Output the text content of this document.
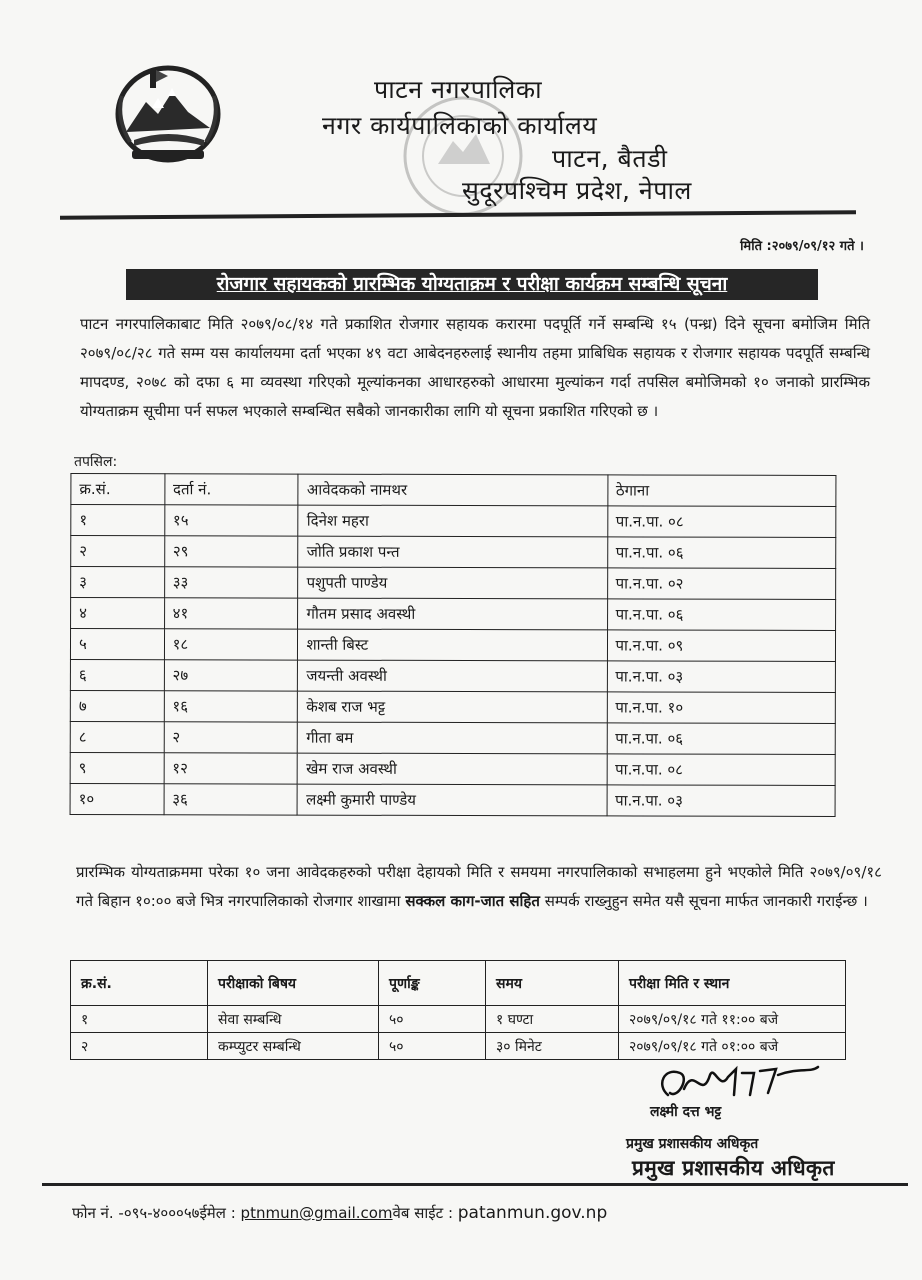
पाटन नगरपालिका
नगर कार्यपालिकाको कार्यालय
पाटन, बैतडी
सुदूरपश्चिम प्रदेश, नेपाल
मिति :२०७९/०९/१२ गते ।
रोजगार सहायकको प्रारम्भिक योग्यताक्रम र परीक्षा कार्यक्रम सम्बन्धि सूचना
पाटन नगरपालिकाबाट मिति २०७९/०८/१४ गते प्रकाशित रोजगार सहायक करारमा पदपूर्ति गर्ने सम्बन्धि १५ (पन्ध्र) दिने सूचना बमोजिम मिति २०७९/०८/२८ गते सम्म यस कार्यालयमा दर्ता भएका ४९ वटा आबेदनहरुलाई स्थानीय तहमा प्राबिधिक सहायक र रोजगार सहायक पदपूर्ति सम्बन्धि मापदण्ड, २०७८ को दफा ६ मा व्यवस्था गरिएको मूल्यांकनका आधारहरुको आधारमा मुल्यांकन गर्दा तपसिल बमोजिमको १० जनाको प्रारम्भिक योग्यताक्रम सूचीमा पर्न सफल भएकाले सम्बन्धित सबैको जानकारीका लागि यो सूचना प्रकाशित गरिएको छ ।
तपसिल:
क्र.सं.	दर्ता नं.	आवेदकको नामथर	ठेगाना
१	१५	दिनेश महरा	पा.न.पा. ०८
२	२९	जोति प्रकाश पन्त	पा.न.पा. ०६
३	३३	पशुपती पाण्डेय	पा.न.पा. ०२
४	४१	गौतम प्रसाद अवस्थी	पा.न.पा. ०६
५	१८	शान्ती बिस्ट	पा.न.पा. ०९
६	२७	जयन्ती अवस्थी	पा.न.पा. ०३
७	१६	केशब राज भट्ट	पा.न.पा. १०
८	२	गीता बम	पा.न.पा. ०६
९	१२	खेम राज अवस्थी	पा.न.पा. ०८
१०	३६	लक्ष्मी कुमारी पाण्डेय	पा.न.पा. ०३
प्रारम्भिक योग्यताक्रममा परेका १० जना आवेदकहरुको परीक्षा देहायको मिति र समयमा नगरपालिकाको सभाहलमा हुने भएकोले मिति २०७९/०९/१८ गते बिहान १०:०० बजे भित्र नगरपालिकाको रोजगार शाखामा सक्कल काग-जात सहित सम्पर्क राख्नुहुन समेत यसै सूचना मार्फत जानकारी गराईन्छ ।
क्र.सं.	परीक्षाको बिषय	पूर्णाङ्क	समय	परीक्षा मिति र स्थान
१	सेवा सम्बन्धि	५०	१ घण्टा	२०७९/०९/१८ गते ११:०० बजे
२	कम्प्युटर सम्बन्धि	५०	३० मिनेट	२०७९/०९/१८ गते ०१:०० बजे
लक्ष्मी दत्त भट्ट
प्रमुख प्रशासकीय अधिकृत
प्रमुख प्रशासकीय अधिकृत
फोन नं. -०९५-४०००५७ईमेल : ptnmun@gmail.comवेब साईट : patanmun.gov.np
